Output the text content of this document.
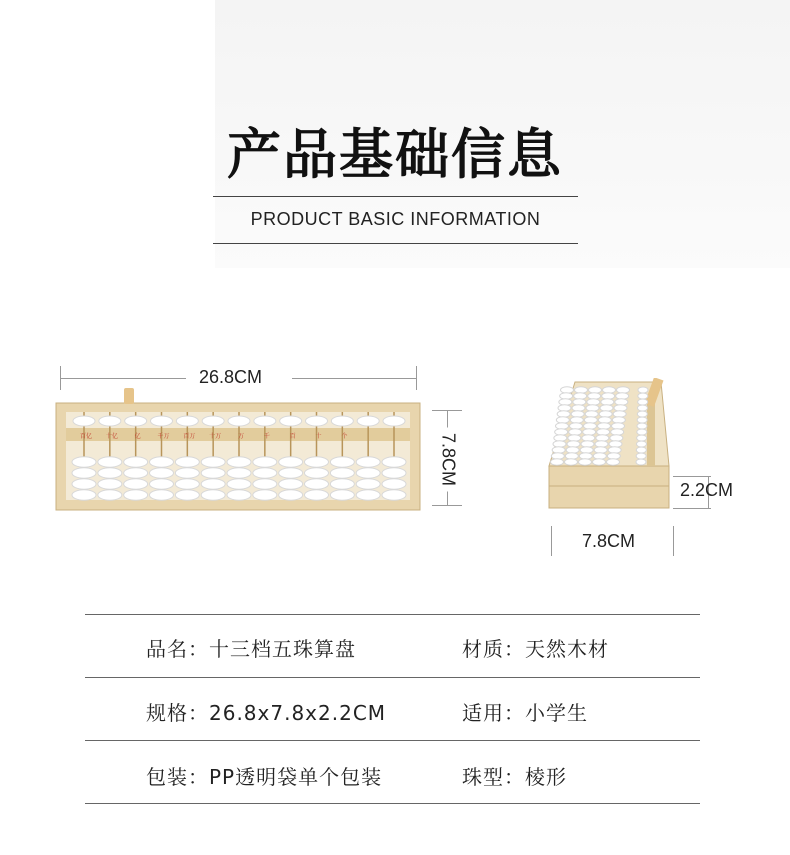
产品基础信息
PRODUCT BASIC INFORMATION
26.8CM
百亿 十亿	亿	千万 百万 十万	万	千	百	十	个	7.8CM
2.2CM
7.8CM
品名：十三档五珠算盘	材质：天然木材
规格：26.8x7.8x2.2CM	适用：小学生
包装：PP透明袋单个包装	珠型：棱形
